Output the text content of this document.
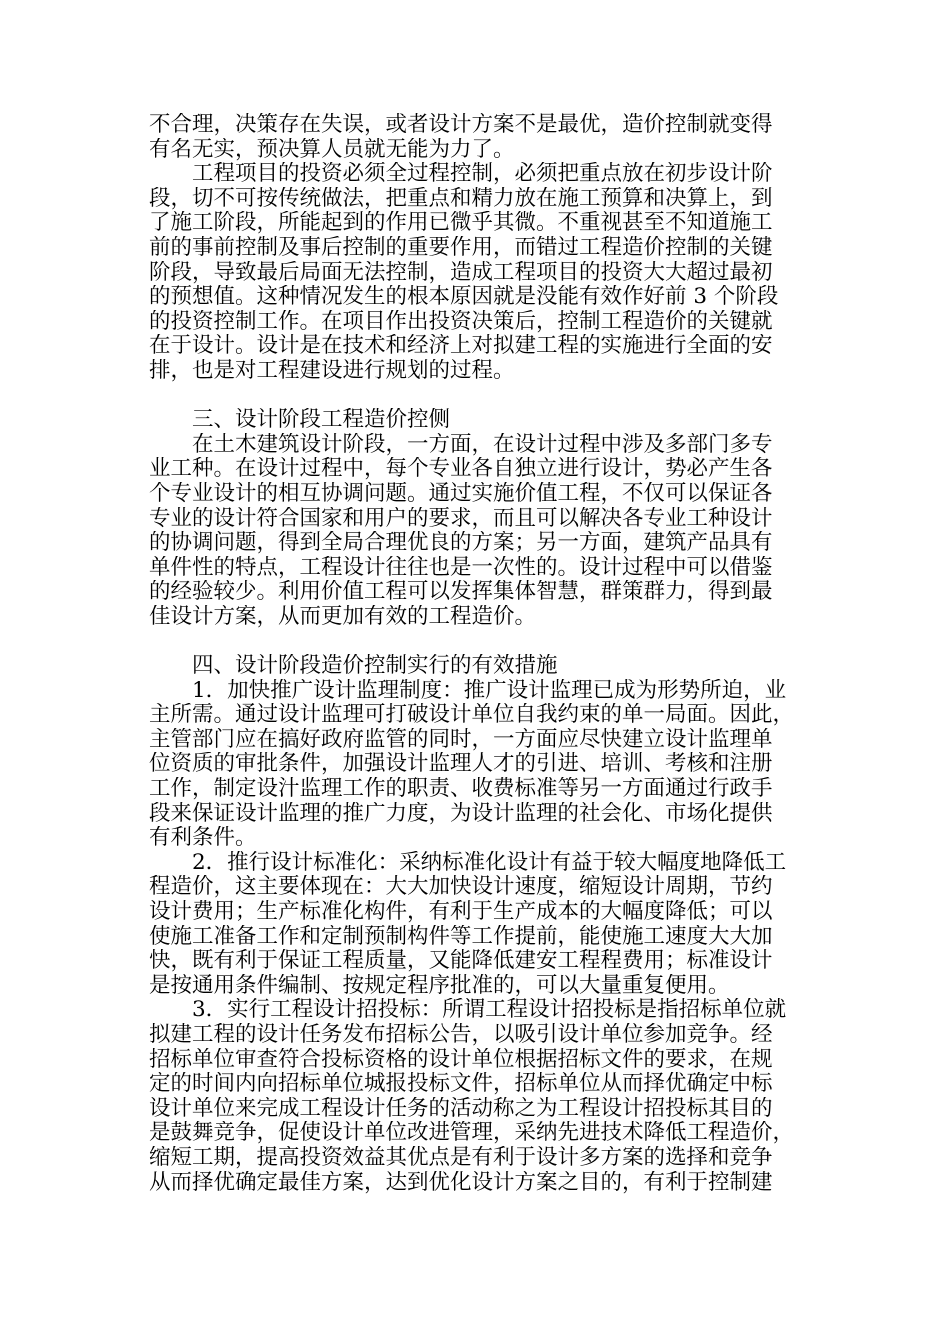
不合理，决策存在失误，或者设计方案不是最优，造价控制就变得
有名无实，预决算人员就无能为力了。
工程项目的投资必须全过程控制，必须把重点放在初步设计阶
段，切不可按传统做法，把重点和精力放在施工预算和决算上，到
了施工阶段，所能起到的作用已微乎其微。不重视甚至不知道施工
前的事前控制及事后控制的重要作用，而错过工程造价控制的关键
阶段，导致最后局面无法控制，造成工程项目的投资大大超过最初
的预想值。这种情况发生的根本原因就是没能有效作好前 3 个阶段
的投资控制工作。在项目作出投资决策后，控制工程造价的关键就
在于设计。设计是在技术和经济上对拟建工程的实施进行全面的安
排，也是对工程建设进行规划的过程。
三、设计阶段工程造价控侧
在土木建筑设计阶段，一方面，在设计过程中涉及多部门多专
业工种。在设计过程中，每个专业各自独立进行设计，势必产生各
个专业设计的相互协调问题。通过实施价值工程，不仅可以保证各
专业的设计符合国家和用户的要求，而且可以解决各专业工种设计
的协调问题，得到全局合理优良的方案；另一方面，建筑产品具有
单件性的特点，工程设计往往也是一次性的。设计过程中可以借鉴
的经验较少。利用价值工程可以发挥集体智慧，群策群力，得到最
佳设计方案，从而更加有效的工程造价。
四、设计阶段造价控制实行的有效措施
1．加快推广设计监理制度：推广设计监理已成为形势所迫，业
主所需。通过设计监理可打破设计单位自我约束的单一局面。因此，
主管部门应在搞好政府监管的同时，一方面应尽快建立设计监理单
位资质的审批条件，加强设计监理人才的引进、培训、考核和注册
工作，制定设汁监理工作的职责、收费标准等另一方面通过行政手
段来保证设计监理的推广力度，为设计监理的社会化、市场化提供
有利条件。
2．推行设计标准化：采纳标准化设计有益于较大幅度地降低工
程造价，这主要体现在：大大加快设计速度，缩短设计周期，节约
设计费用；生产标准化构件，有利于生产成本的大幅度降低；可以
使施工准备工作和定制预制构件等工作提前，能使施工速度大大加
快，既有利于保证工程质量，又能降低建安工程程费用；标准设计
是按通用条件编制、按规定程序批准的，可以大量重复便用。
3．实行工程设计招投标：所谓工程设计招投标是指招标单位就
拟建工程的设计任务发布招标公告，以吸引设计单位参加竞争。经
招标单位审查符合投标资格的设计单位根据招标文件的要求，在规
定的时间内向招标单位城报投标文件，招标单位从而择优确定中标
设计单位来完成工程设计任务的活动称之为工程设计招投标其目的
是鼓舞竞争，促使设计单位改进管理，采纳先进技术降低工程造价，
缩短工期，提高投资效益其优点是有利于设计多方案的选择和竞争
从而择优确定最佳方案，达到优化设计方案之目的，有利于控制建
